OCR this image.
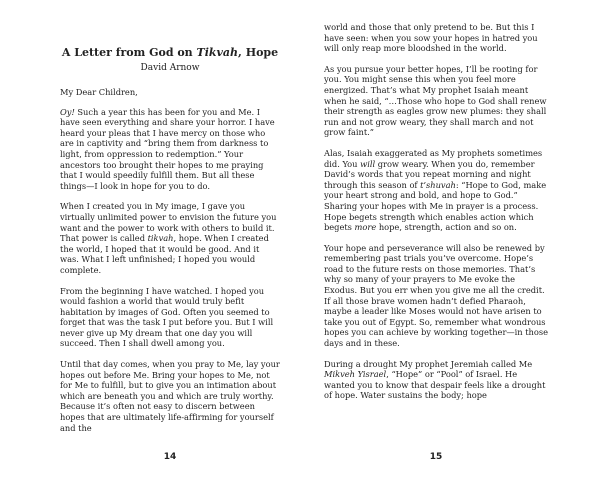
A Letter from God on Tikvah, Hope
David Arnow

My Dear Children,

Oy! Such a year this has been for you and Me. I have seen everything and share your horror. I have heard your pleas that I have mercy on those who are in captivity and “bring them from darkness to light, from oppression to redemption.” Your ancestors too brought their hopes to me praying that I would speedily fulfill them. But all these things—I look in hope for you to do.

When I created you in My image, I gave you virtually unlimited power to envision the future you want and the power to work with others to build it. That power is called tikvah, hope. When I created the world, I hoped that it would be good. And it was. What I left unfinished; I hoped you would complete.

From the beginning I have watched. I hoped you would fashion a world that would truly befit habitation by images of God. Often you seemed to forget that was the task I put before you. But I will never give up My dream that one day you will succeed. Then I shall dwell among you.

Until that day comes, when you pray to Me, lay your hopes out before Me. Bring your hopes to Me, not for Me to fulfill, but to give you an intimation about which are beneath you and which are truly worthy. Because it’s often not easy to discern between hopes that are ultimately life-affirming for yourself and the

14

world and those that only pretend to be. But this I have seen: when you sow your hopes in hatred you will only reap more bloodshed in the world.

As you pursue your better hopes, I’ll be rooting for you. You might sense this when you feel more energized. That’s what My prophet Isaiah meant when he said, “…Those who hope to God shall renew their strength as eagles grow new plumes: they shall run and not grow weary, they shall march and not grow faint.”

Alas, Isaiah exaggerated as My prophets sometimes did. You will grow weary. When you do, remember David’s words that you repeat morning and night through this season of t’shuvah: “Hope to God, make your heart strong and bold, and hope to God.” Sharing your hopes with Me in prayer is a process. Hope begets strength which enables action which begets more hope, strength, action and so on.

Your hope and perseverance will also be renewed by remembering past trials you’ve overcome. Hope’s road to the future rests on those memories. That’s why so many of your prayers to Me evoke the Exodus. But you err when you give me all the credit. If all those brave women hadn’t defied Pharaoh, maybe a leader like Moses would not have arisen to take you out of Egypt. So, remember what wondrous hopes you can achieve by working together—in those days and in these.

During a drought My prophet Jeremiah called Me Mikveh Yisrael, “Hope” or “Pool” of Israel. He wanted you to know that despair feels like a drought of hope. Water sustains the body; hope

15
